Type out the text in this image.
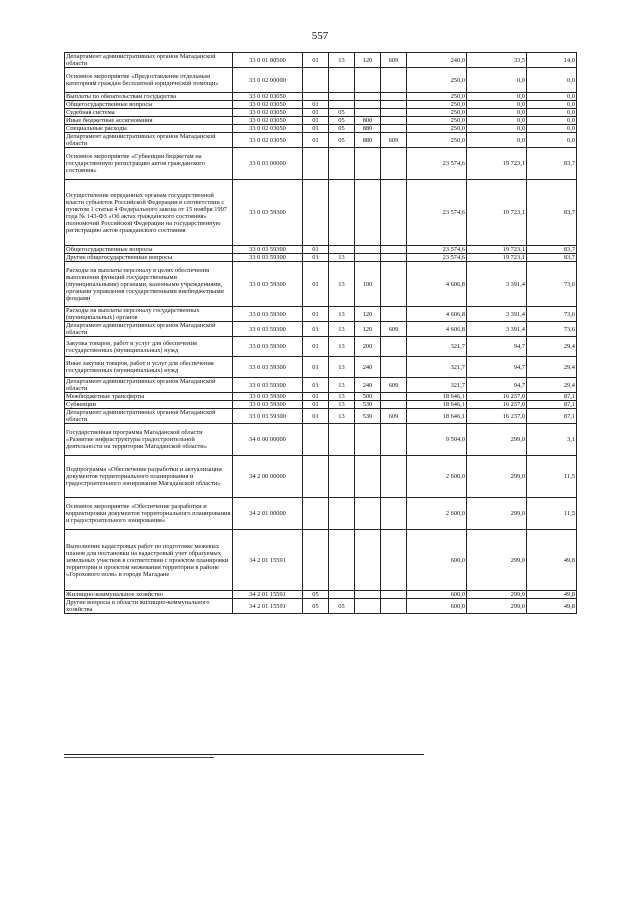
557
Департамент административных органов Магаданской области	33 0 01 80500	01	13	120	609	240,0	33,5	14,0
Основное мероприятие «Предоставление отдельным категориям граждан бесплатной юридической помощи»	33 0 02 00000					250,0	0,0	0,0
Выплаты по обязательствам государства	33 0 02 03050					250,0	0,0	0,0
Общегосударственные вопросы	33 0 02 03050	01				250,0	0,0	0,0
Судебная система	33 0 02 03050	01	05			250,0	0,0	0,0
Иные бюджетные ассигнования	33 0 02 03050	01	05	800		250,0	0,0	0,0
Специальные расходы	33 0 02 03050	01	05	880		250,0	0,0	0,0
Департамент административных органов Магаданской области	33 0 02 03050	01	05	880	609	250,0	0,0	0,0
Основное мероприятие «Субвенции бюджетам на государственную регистрацию актов гражданского состояния»	33 0 03 00000					23 574,6	19 723,1	83,7
Осуществление переданных органам государственной власти субъектов Российской Федерации в соответствии с пунктом 1 статьи 4 Федерального закона от 15 ноября 1997 года № 143-ФЗ «Об актах гражданского состояния» полномочий Российской Федерации на государственную регистрацию актов гражданского состояния	33 0 03 59300					23 574,6	19 723,1	83,7
Общегосударственные вопросы	33 0 03 59300	01				23 574,6	19 723,1	83,7
Другие общегосударственные вопросы	33 0 03 59300	01	13			23 574,6	19 723,1	83,7
Расходы на выплаты персоналу в целях обеспечения выполнения функций государственными (муниципальными) органами, казенными учреждениями, органами управления государственными внебюджетными фондами	33 0 03 59300	01	13	100		4 606,8	3 391,4	73,6
Расходы на выплаты персоналу государственных (муниципальных) органов	33 0 03 59300	01	13	120		4 606,8	3 391,4	73,6
Департамент административных органов Магаданской области	33 0 03 59300	01	13	120	609	4 606,8	3 391,4	73,6
Закупка товаров, работ и услуг для обеспечения государственных (муниципальных) нужд	33 0 03 59300	01	13	200		321,7	94,7	29,4
Иные закупки товаров, работ и услуг для обеспечения государственных (муниципальных) нужд	33 0 03 59300	01	13	240		321,7	94,7	29,4
Департамент административных органов Магаданской области	33 0 03 59300	01	13	240	609	321,7	94,7	29,4
Межбюджетные трансферты	33 0 03 59300	01	13	500		18 646,1	16 237,0	87,1
Субвенции	33 0 03 59300	01	13	530		18 646,1	16 237,0	87,1
Департамент административных органов Магаданской области	33 0 03 59300	01	13	530	609	18 646,1	16 237,0	87,1
Государственная программа Магаданской области «Развитие инфраструктуры градостроительной деятельности на территории Магаданской области»	34 0 00 00000					9 504,0	299,0	3,1
Подпрограмма «Обеспечение разработки и актуализации документов территориального планирования и градостроительного зонирования Магаданской области»	34 2 00 00000					2 600,0	299,0	11,5
Основное мероприятие «Обеспечение разработки и корректировки документов территориального планирования и градостроительного зонирования»	34 2 01 00000					2 600,0	299,0	11,5
Выполнение кадастровых работ по подготовке межевых планов для постановки на кадастровый учет образуемых земельных участков в соответствии с проектом планировки территории и проектом межевания территории в районе «Горохового поля» в городе Магадане	34 2 01 15591					600,0	299,0	49,8
Жилищно-коммунальное хозяйство	34 2 01 15591	05				600,0	299,0	49,8
Другие вопросы в области жилищно-коммунального хозяйства	34 2 01 15591	05	05			600,0	299,0	49,8
